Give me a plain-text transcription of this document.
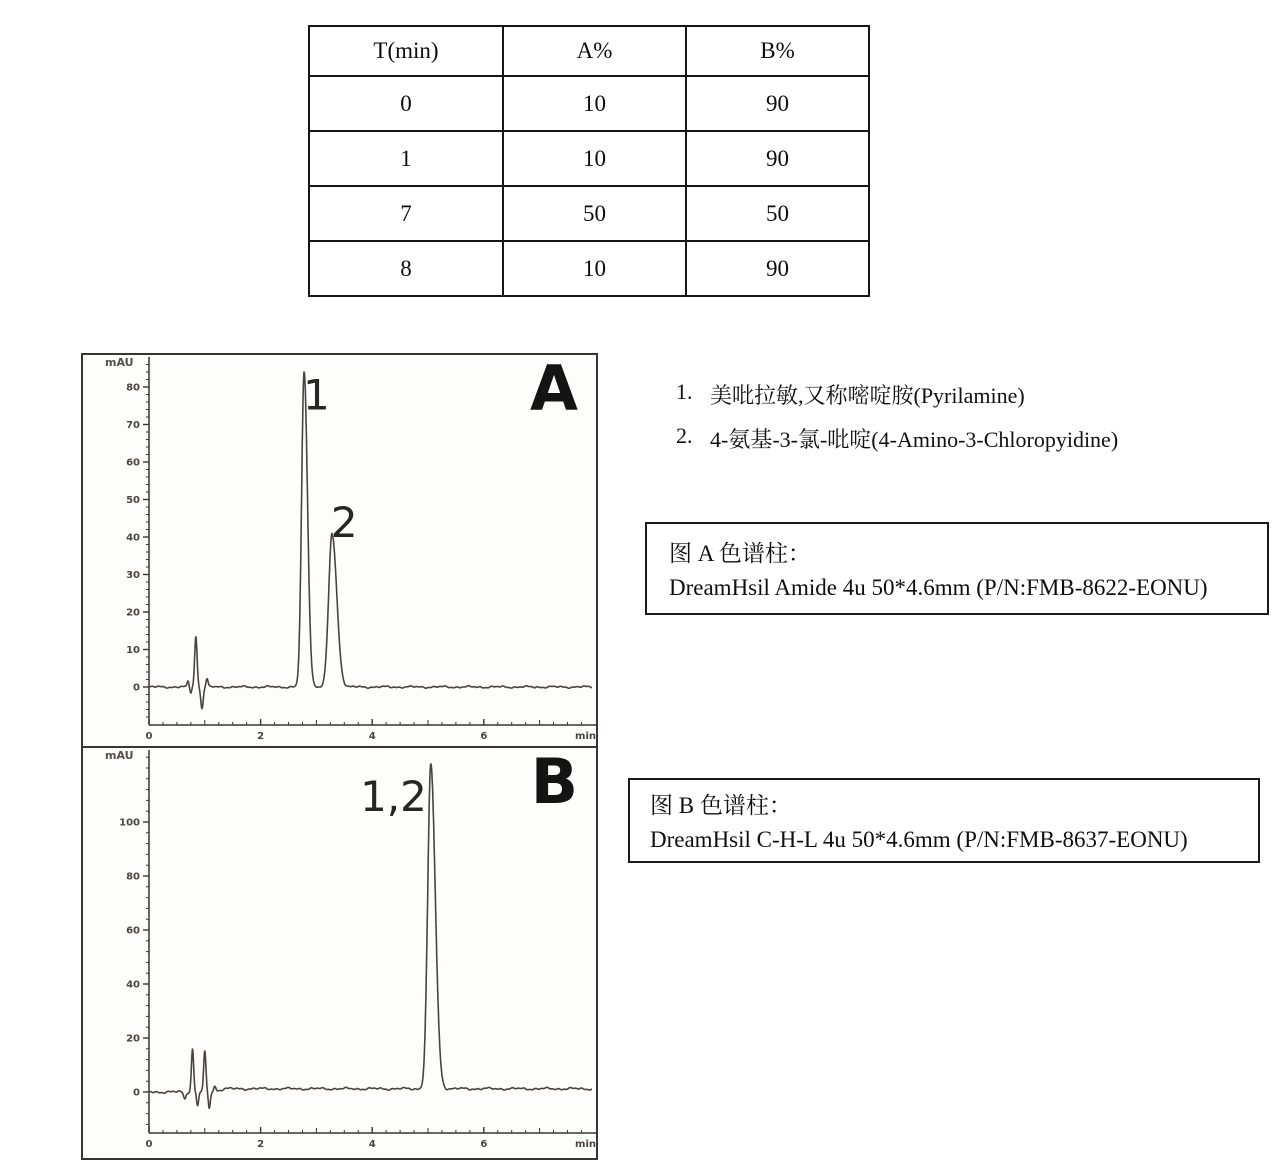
T(min)	A%	B%
0	10	90
1	10	90
7	50	50
8	10	90
mAU
0
10
20
30
40
50
60
70
80
0	2	4	6	min
1
2
A
mAU
0
20
40
60
80
100
0	2	4	6	min
1,2 B
1. 美吡拉敏,又称嘧啶胺(Pyrilamine)
2. 4-氨基-3-氯-吡啶(4-Amino-3-Chloropyidine)
图 A 色谱柱：
DreamHsil Amide 4u 50*4.6mm (P/N:FMB-8622-EONU)
图 B 色谱柱：
DreamHsil C-H-L 4u 50*4.6mm (P/N:FMB-8637-EONU)
